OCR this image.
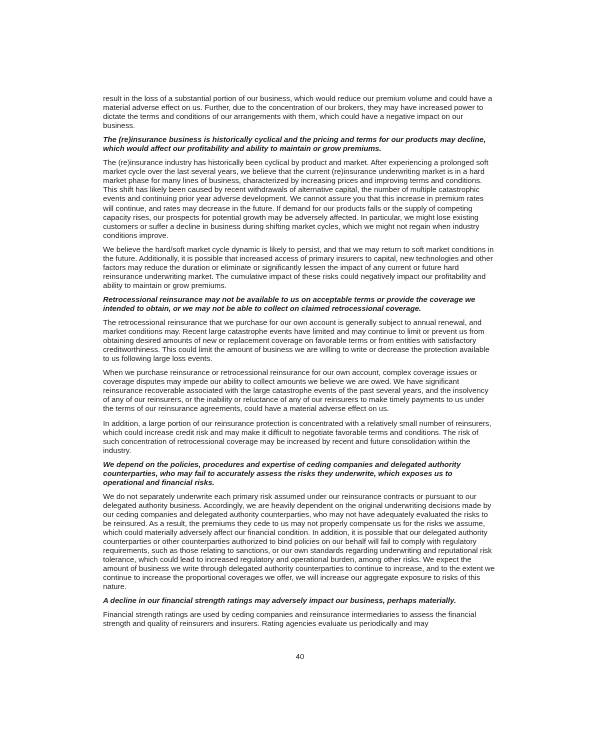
result in the loss of a substantial portion of our business, which would reduce our premium volume and could have a material adverse effect on us. Further, due to the concentration of our brokers, they may have increased power to dictate the terms and conditions of our arrangements with them, which could have a negative impact on our business.

The (re)insurance business is historically cyclical and the pricing and terms for our products may decline, which would affect our profitability and ability to maintain or grow premiums.

The (re)insurance industry has historically been cyclical by product and market. After experiencing a prolonged soft market cycle over the last several years, we believe that the current (re)insurance underwriting market is in a hard market phase for many lines of business, characterized by increasing prices and improving terms and conditions. This shift has likely been caused by recent withdrawals of alternative capital, the number of multiple catastrophic events and continuing prior year adverse development. We cannot assure you that this increase in premium rates will continue, and rates may decrease in the future. If demand for our products falls or the supply of competing capacity rises, our prospects for potential growth may be adversely affected. In particular, we might lose existing customers or suffer a decline in business during shifting market cycles, which we might not regain when industry conditions improve.

We believe the hard/soft market cycle dynamic is likely to persist, and that we may return to soft market conditions in the future. Additionally, it is possible that increased access of primary insurers to capital, new technologies and other factors may reduce the duration or eliminate or significantly lessen the impact of any current or future hard reinsurance underwriting market. The cumulative impact of these risks could negatively impact our profitability and ability to maintain or grow premiums.

Retrocessional reinsurance may not be available to us on acceptable terms or provide the coverage we intended to obtain, or we may not be able to collect on claimed retrocessional coverage.

The retrocessional reinsurance that we purchase for our own account is generally subject to annual renewal, and market conditions may. Recent large catastrophe events have limited and may continue to limit or prevent us from obtaining desired amounts of new or replacement coverage on favorable terms or from entities with satisfactory creditworthiness. This could limit the amount of business we are willing to write or decrease the protection available to us following large loss events.

When we purchase reinsurance or retrocessional reinsurance for our own account, complex coverage issues or coverage disputes may impede our ability to collect amounts we believe we are owed. We have significant reinsurance recoverable associated with the large catastrophe events of the past several years, and the insolvency of any of our reinsurers, or the inability or reluctance of any of our reinsurers to make timely payments to us under the terms of our reinsurance agreements, could have a material adverse effect on us.

In addition, a large portion of our reinsurance protection is concentrated with a relatively small number of reinsurers, which could increase credit risk and may make it difficult to negotiate favorable terms and conditions. The risk of such concentration of retrocessional coverage may be increased by recent and future consolidation within the industry.

We depend on the policies, procedures and expertise of ceding companies and delegated authority counterparties, who may fail to accurately assess the risks they underwrite, which exposes us to operational and financial risks.

We do not separately underwrite each primary risk assumed under our reinsurance contracts or pursuant to our delegated authority business. Accordingly, we are heavily dependent on the original underwriting decisions made by our ceding companies and delegated authority counterparties, who may not have adequately evaluated the risks to be reinsured. As a result, the premiums they cede to us may not properly compensate us for the risks we assume, which could materially adversely affect our financial condition. In addition, it is possible that our delegated authority counterparties or other counterparties authorized to bind policies on our behalf will fail to comply with regulatory requirements, such as those relating to sanctions, or our own standards regarding underwriting and reputational risk tolerance, which could lead to increased regulatory and operational burden, among other risks. We expect the amount of business we write through delegated authority counterparties to continue to increase, and to the extent we continue to increase the proportional coverages we offer, we will increase our aggregate exposure to risks of this nature.

A decline in our financial strength ratings may adversely impact our business, perhaps materially.

Financial strength ratings are used by ceding companies and reinsurance intermediaries to assess the financial strength and quality of reinsurers and insurers. Rating agencies evaluate us periodically and may

40
